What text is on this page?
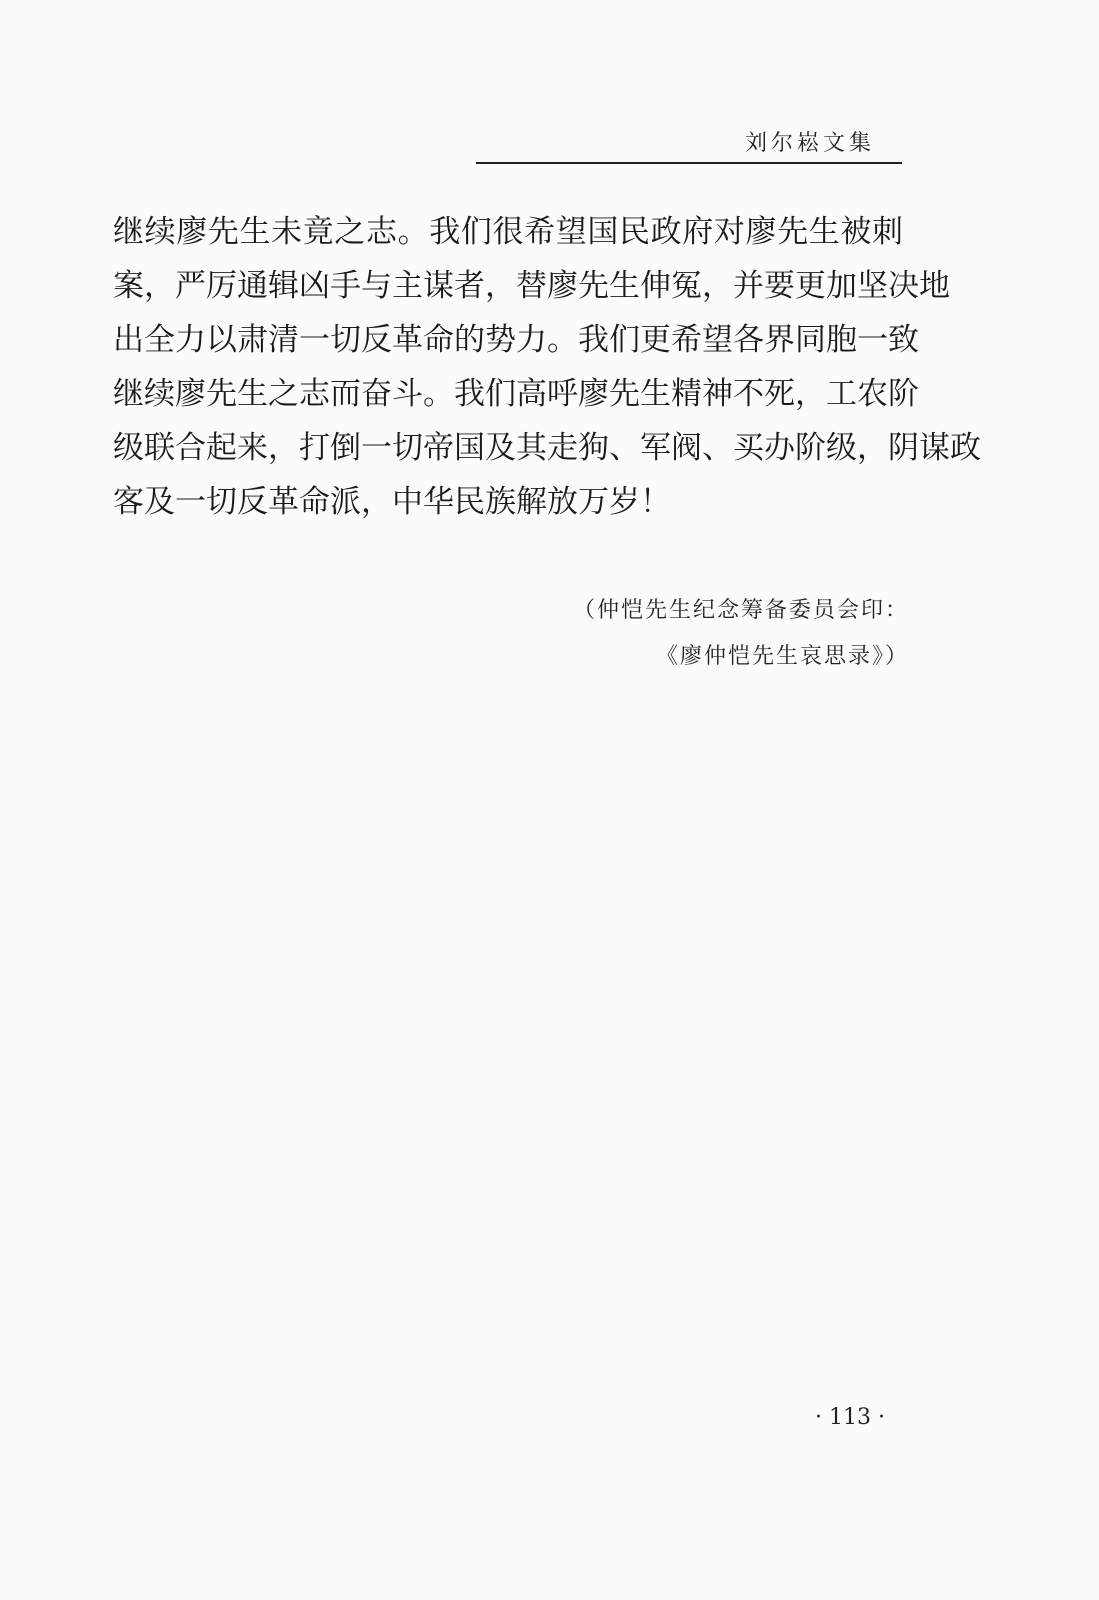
刘尔崧文集
继续廖先生未竟之志。我们很希望国民政府对廖先生被刺
案，严厉通辑凶手与主谋者，替廖先生伸冤，并要更加坚决地
出全力以肃清一切反革命的势力。我们更希望各界同胞一致
继续廖先生之志而奋斗。我们高呼廖先生精神不死，工农阶
级联合起来，打倒一切帝国及其走狗、军阀、买办阶级，阴谋政
客及一切反革命派，中华民族解放万岁！
（仲恺先生纪念筹备委员会印：
《廖仲恺先生哀思录》）
· 113 ·
